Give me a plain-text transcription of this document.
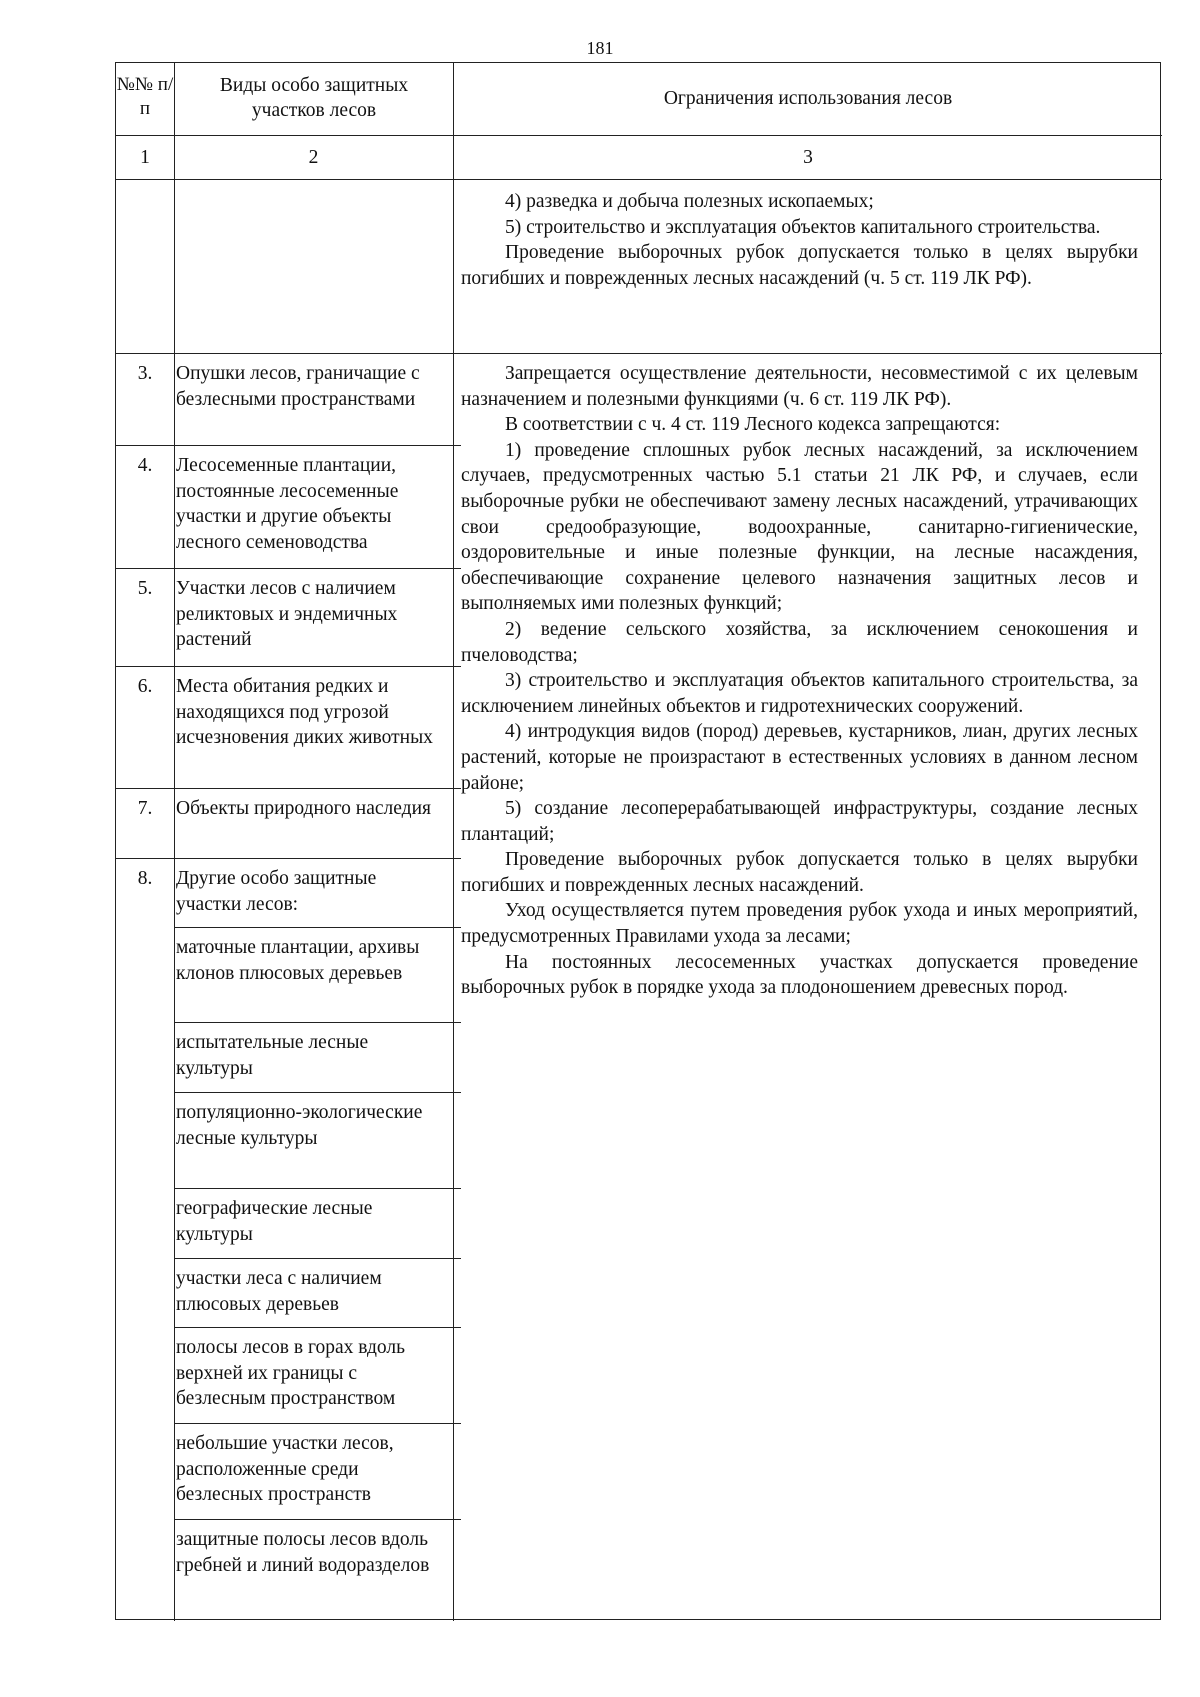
181
№№ п/п
Виды особо защитных участков лесов
Ограничения использования лесов
1	2	3

4) разведка и добыча полезных ископаемых;

5) строительство и эксплуатация объектов капитального строительства.

Проведение выборочных рубок допускается только в целях вырубки погибших и поврежденных лесных насаждений (ч. 5 ст. 119 ЛК РФ).

3.
4.
5.
6.
7.
8.
Опушки лесов, граничащие с безлесными пространствами
Лесосеменные плантации, постоянные лесосеменные участки и другие объекты лесного семеноводства
Участки лесов с наличием реликтовых и эндемичных растений
Места обитания редких и находящихся под угрозой исчезновения диких животных
Объекты природного наследия
Другие особо защитные участки лесов:
маточные плантации, архивы клонов плюсовых деревьев
испытательные лесные культуры
популяционно-экологические лесные культуры
географические лесные культуры
участки леса с наличием плюсовых деревьев
полосы лесов в горах вдоль верхней их границы с безлесным пространством
небольшие участки лесов, расположенные среди безлесных пространств
защитные полосы лесов вдоль гребней и линий водоразделов

Запрещается осуществление деятельности, несовместимой с их целевым назначением и полезными функциями (ч. 6 ст. 119 ЛК РФ).

В соответствии с ч. 4 ст. 119 Лесного кодекса запрещаются:

1) проведение сплошных рубок лесных насаждений, за исключением случаев, предусмотренных частью 5.1 статьи 21 ЛК РФ, и случаев, если выборочные рубки не обеспечивают замену лесных насаждений, утрачивающих свои средообразующие, водоохранные, санитарно-гигиенические, оздоровительные и иные полезные функции, на лесные насаждения, обеспечивающие сохранение целевого назначения защитных лесов и выполняемых ими полезных функций;

2) ведение сельского хозяйства, за исключением сенокошения и пчеловодства;

3) строительство и эксплуатация объектов капитального строительства, за исключением линейных объектов и гидротехнических сооружений.

4) интродукция видов (пород) деревьев, кустарников, лиан, других лесных растений, которые не произрастают в естественных условиях в данном лесном районе;

5) создание лесоперерабатывающей инфраструктуры, создание лесных плантаций;

Проведение выборочных рубок допускается только в целях вырубки погибших и поврежденных лесных насаждений.

Уход осуществляется путем проведения рубок ухода и иных мероприятий, предусмотренных Правилами ухода за лесами;

На постоянных лесосеменных участках допускается проведение выборочных рубок в порядке ухода за плодоношением древесных пород.
